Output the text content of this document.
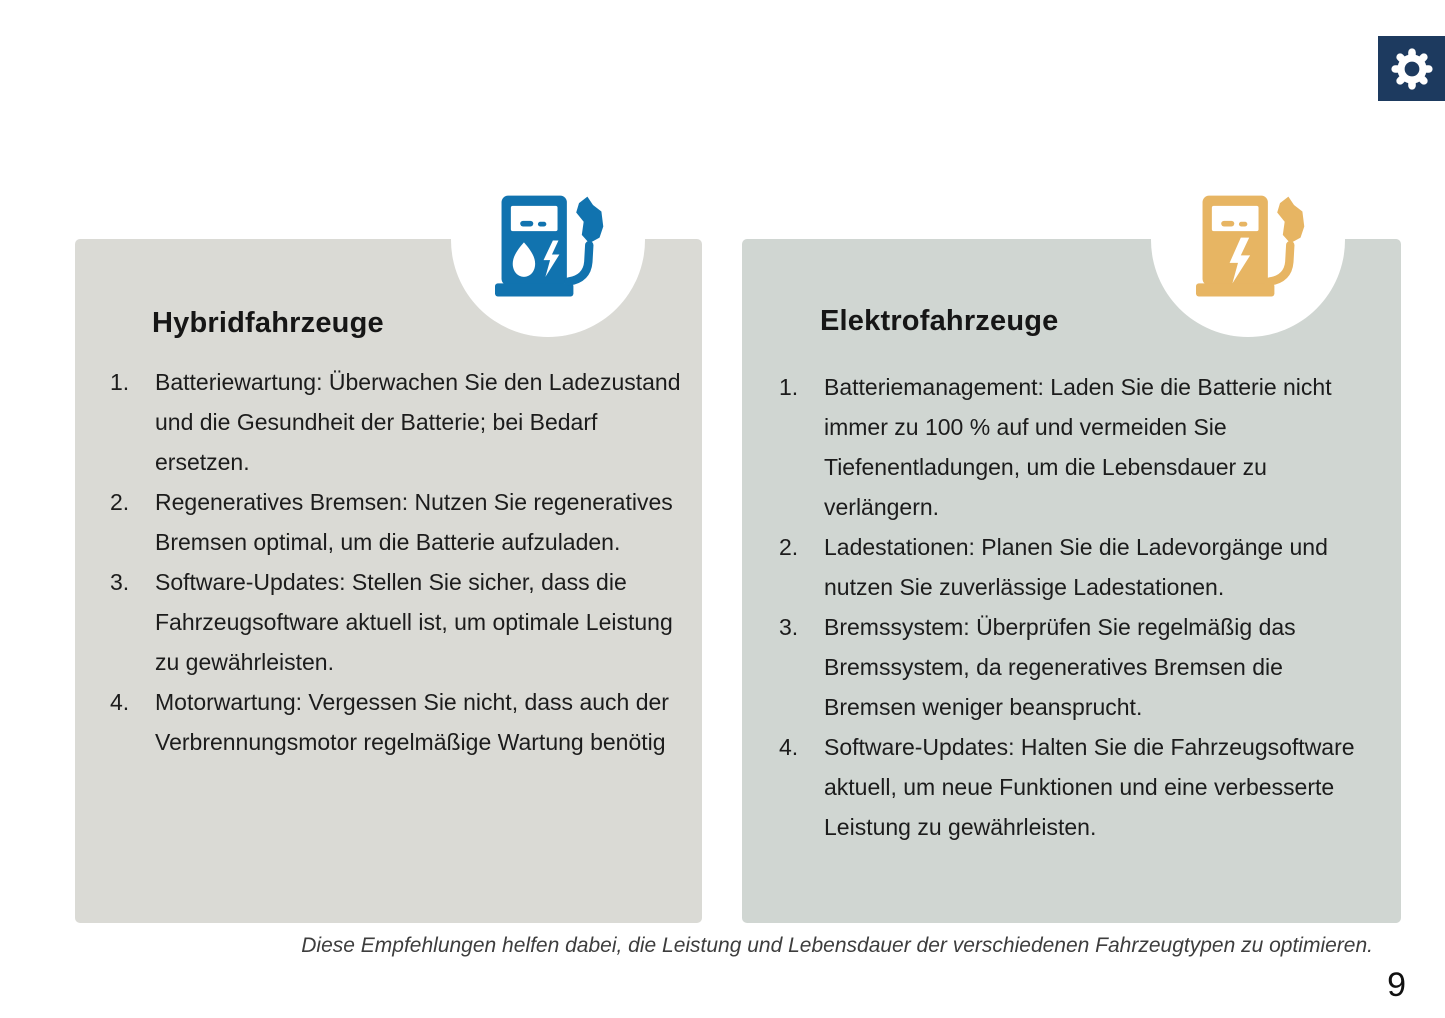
Hybridfahrzeuge
1.	Batteriewartung: Überwachen Sie den Ladezustand und die Gesundheit der Batterie; bei Bedarf ersetzen.
2.	Regeneratives Bremsen: Nutzen Sie regeneratives Bremsen optimal, um die Batterie aufzuladen.
3.	Software-Updates: Stellen Sie sicher, dass die Fahrzeugsoftware aktuell ist, um optimale Leistung zu gewährleisten.
4.	Motorwartung: Vergessen Sie nicht, dass auch der Verbrennungsmotor regelmäßige Wartung benötig
Elektrofahrzeuge
1.	Batteriemanagement: Laden Sie die Batterie nicht immer zu 100 % auf und vermeiden Sie Tiefenentladungen, um die Lebensdauer zu verlängern.
2.	Ladestationen: Planen Sie die Ladevorgänge und nutzen Sie zuverlässige Ladestationen.
3.	Bremssystem: Überprüfen Sie regelmäßig das Bremssystem, da regeneratives Bremsen die Bremsen weniger beansprucht.
4.	Software-Updates: Halten Sie die Fahrzeugsoftware aktuell, um neue Funktionen und eine verbesserte Leistung zu gewährleisten.
Diese Empfehlungen helfen dabei, die Leistung und Lebensdauer der verschiedenen Fahrzeugtypen zu optimieren.
9
